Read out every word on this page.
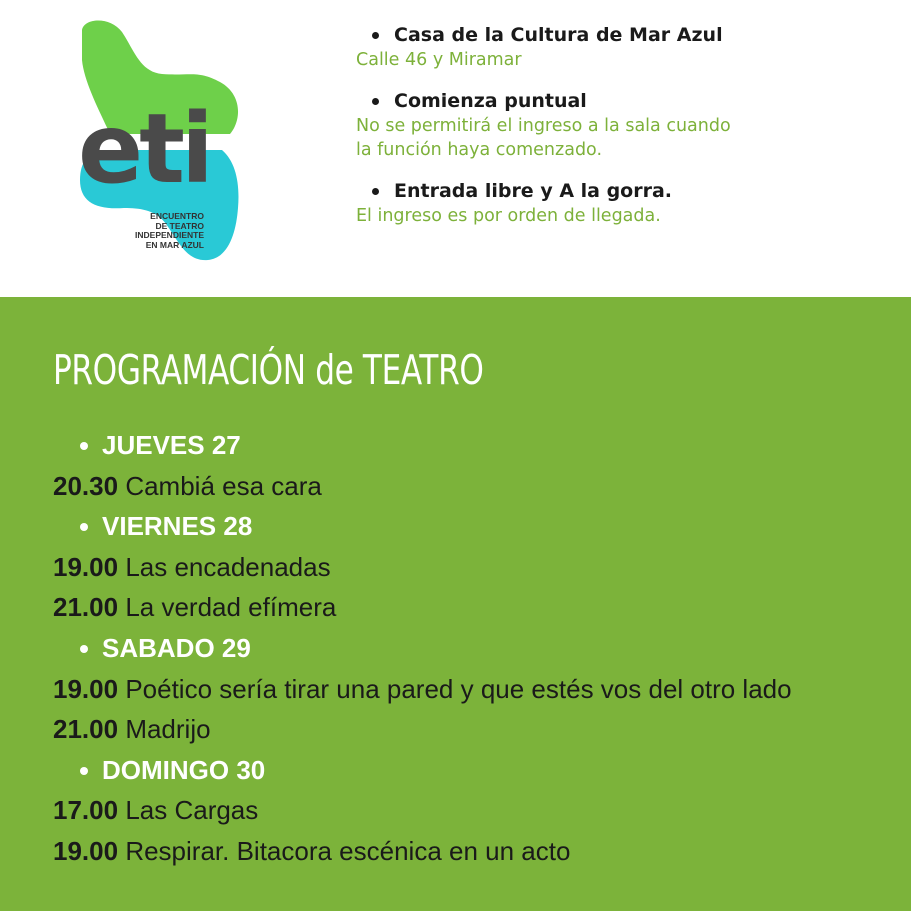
eti
ENCUENTRO
DE TEATRO
INDEPENDIENTE
EN MAR AZUL
Casa de la Cultura de Mar Azul
Calle 46 y Miramar
Comienza puntual
No se permitirá el ingreso a la sala cuando
la función haya comenzado.
Entrada libre y A la gorra.
El ingreso es por orden de llegada.
PROGRAMACIÓN de TEATRO
JUEVES 27
20.30 Cambiá esa cara
VIERNES 28
19.00 Las encadenadas
21.00 La verdad efímera
SABADO 29
19.00 Poético sería tirar una pared y que estés vos del otro lado
21.00 Madrijo
DOMINGO 30
17.00 Las Cargas
19.00 Respirar. Bitacora escénica en un acto
